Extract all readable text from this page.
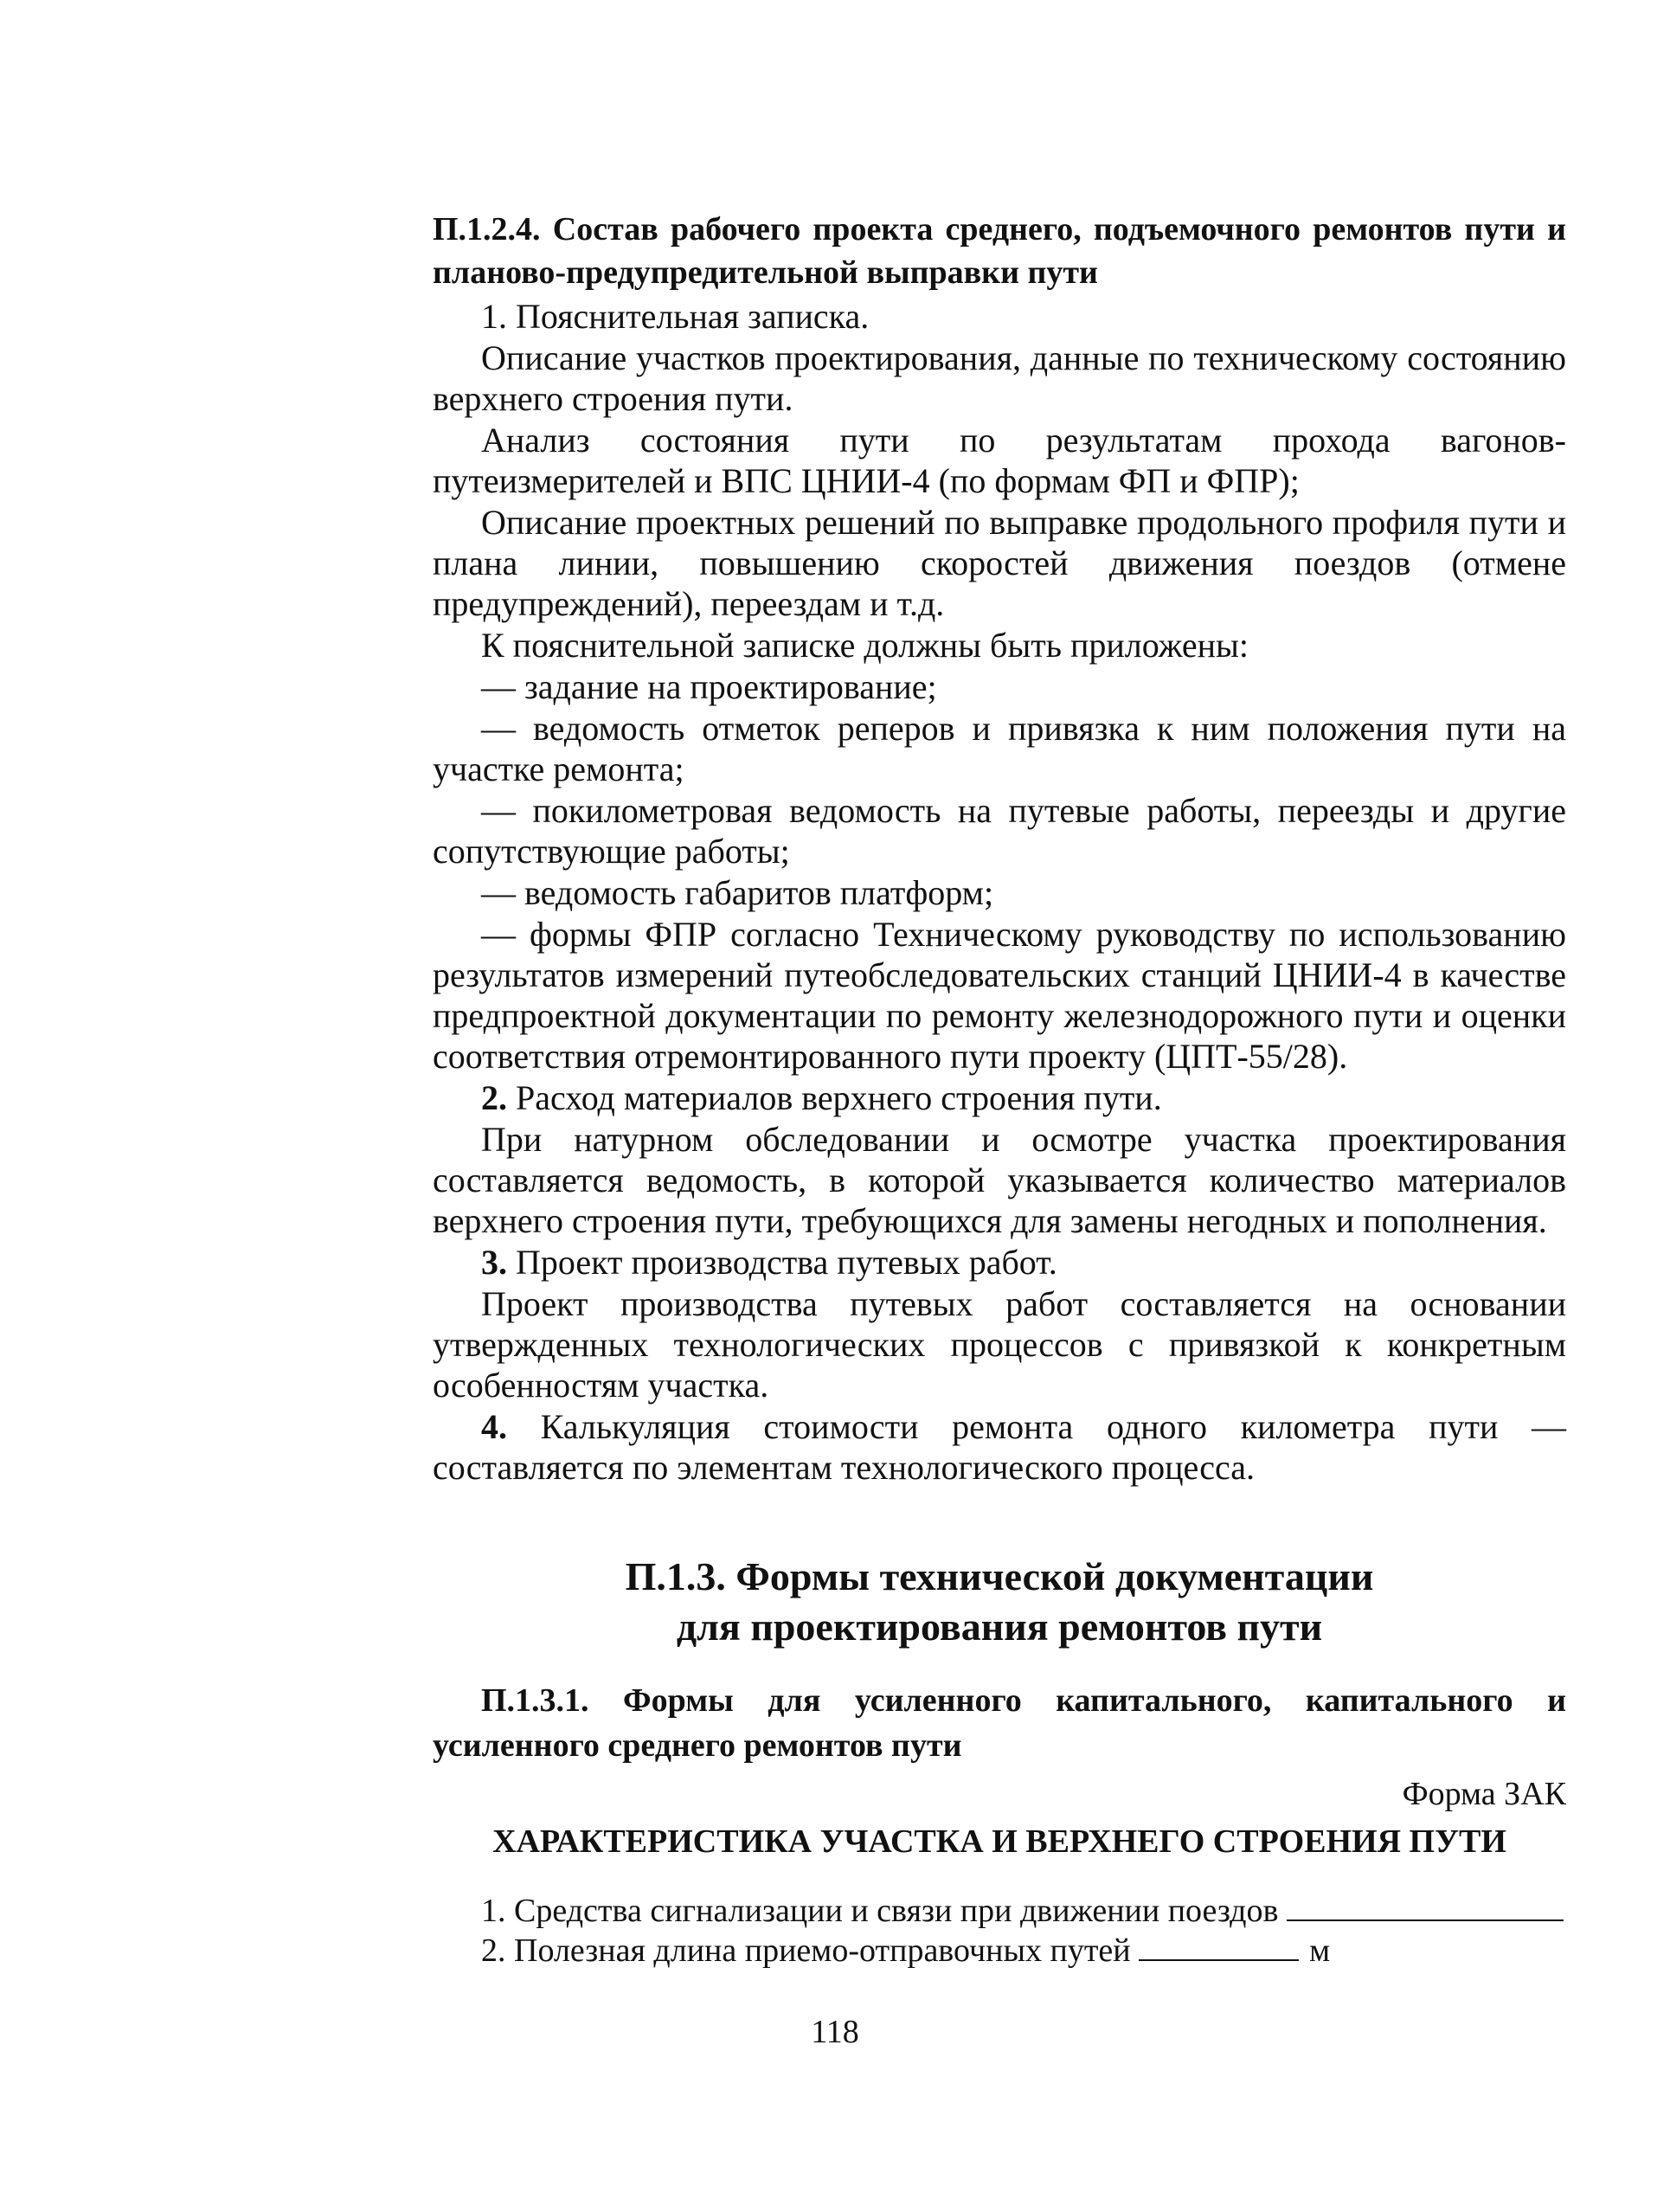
П.1.2.4. Состав рабочего проекта среднего, подъемочного ремонтов пути и планово-предупредительной выправки пути

1. Пояснительная записка.

Описание участков проектирования, данные по техническому состоянию верхнего строения пути.

Анализ состояния пути по результатам прохода вагонов-путеизмерителей и ВПС ЦНИИ-4 (по формам ФП и ФПР);

Описание проектных решений по выправке продольного профиля пути и плана линии, повышению скоростей движения поездов (отмене предупреждений), переездам и т.д.

К пояснительной записке должны быть приложены:

— задание на проектирование;

— ведомость отметок реперов и привязка к ним положения пути на участке ремонта;

— покилометровая ведомость на путевые работы, переезды и другие сопутствующие работы;

— ведомость габаритов платформ;

— формы ФПР согласно Техническому руководству по использованию результатов измерений путеобследовательских станций ЦНИИ-4 в качестве предпроектной документации по ремонту железнодорожного пути и оценки соответствия отремонтированного пути проекту (ЦПТ-55/28).

2. Расход материалов верхнего строения пути.

При натурном обследовании и осмотре участка проектирования составляется ведомость, в которой указывается количество материалов верхнего строения пути, требующихся для замены негодных и пополнения.

3. Проект производства путевых работ.

Проект производства путевых работ составляется на основании утвержденных технологических процессов с привязкой к конкретным особенностям участка.

4. Калькуляция стоимости ремонта одного километра пути — составляется по элементам технологического процесса.

П.1.3. Формы технической документации
для проектирования ремонтов пути

П.1.3.1. Формы для усиленного капитального, капитального и усиленного среднего ремонтов пути

Форма ЗАК

ХАРАКТЕРИСТИКА УЧАСТКА И ВЕРХНЕГО СТРОЕНИЯ ПУТИ

1. Средства сигнализации и связи при движении поездов

2. Полезная длина приемо-отправочных путей	м

118
